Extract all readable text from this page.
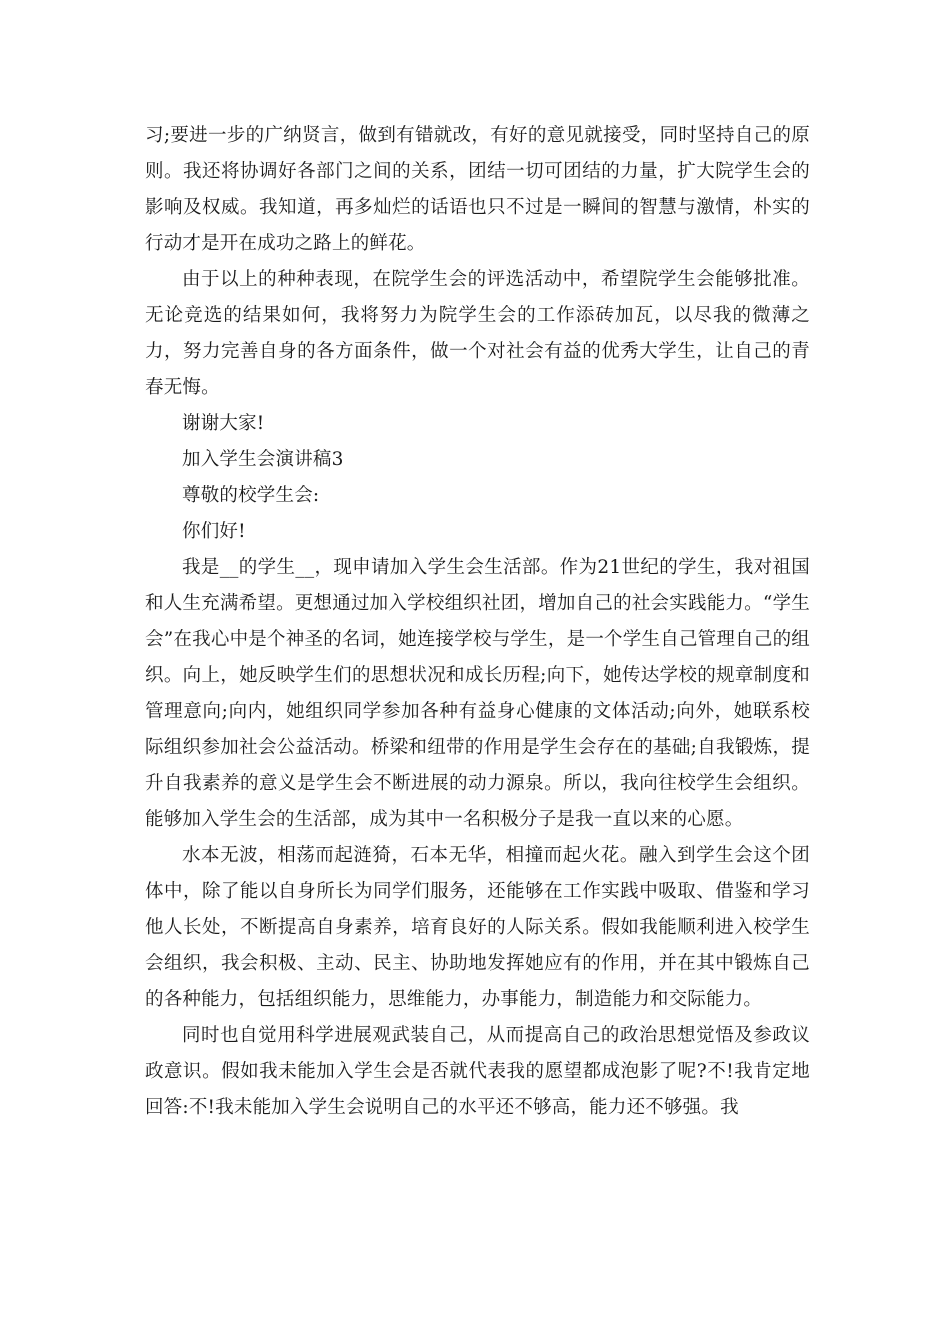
习;要进一步的广纳贤言，做到有错就改，有好的意见就接受，同时坚持自己的原则。我还将协调好各部门之间的关系，团结一切可团结的力量，扩大院学生会的影响及权威。我知道，再多灿烂的话语也只不过是一瞬间的智慧与激情，朴实的行动才是开在成功之路上的鲜花。

由于以上的种种表现，在院学生会的评选活动中，希望院学生会能够批准。无论竞选的结果如何，我将努力为院学生会的工作添砖加瓦，以尽我的微薄之力，努力完善自身的各方面条件，做一个对社会有益的优秀大学生，让自己的青春无悔。

谢谢大家!

加入学生会演讲稿3

尊敬的校学生会:

你们好!

我是__的学生__，现申请加入学生会生活部。作为21世纪的学生，我对祖国和人生充满希望。更想通过加入学校组织社团，增加自己的社会实践能力。“学生会”在我心中是个神圣的名词，她连接学校与学生，是一个学生自己管理自己的组织。向上，她反映学生们的思想状况和成长历程;向下，她传达学校的规章制度和管理意向;向内，她组织同学参加各种有益身心健康的文体活动;向外，她联系校际组织参加社会公益活动。桥梁和纽带的作用是学生会存在的基础;自我锻炼，提升自我素养的意义是学生会不断进展的动力源泉。所以，我向往校学生会组织。能够加入学生会的生活部，成为其中一名积极分子是我一直以来的心愿。

水本无波，相荡而起涟猗，石本无华，相撞而起火花。融入到学生会这个团体中，除了能以自身所长为同学们服务，还能够在工作实践中吸取、借鉴和学习他人长处，不断提高自身素养，培育良好的人际关系。假如我能顺利进入校学生会组织，我会积极、主动、民主、协助地发挥她应有的作用，并在其中锻炼自己的各种能力，包括组织能力，思维能力，办事能力，制造能力和交际能力。

同时也自觉用科学进展观武装自己，从而提高自己的政治思想觉悟及参政议政意识。假如我未能加入学生会是否就代表我的愿望都成泡影了呢?不!我肯定地回答:不!我未能加入学生会说明自己的水平还不够高，能力还不够强。我
